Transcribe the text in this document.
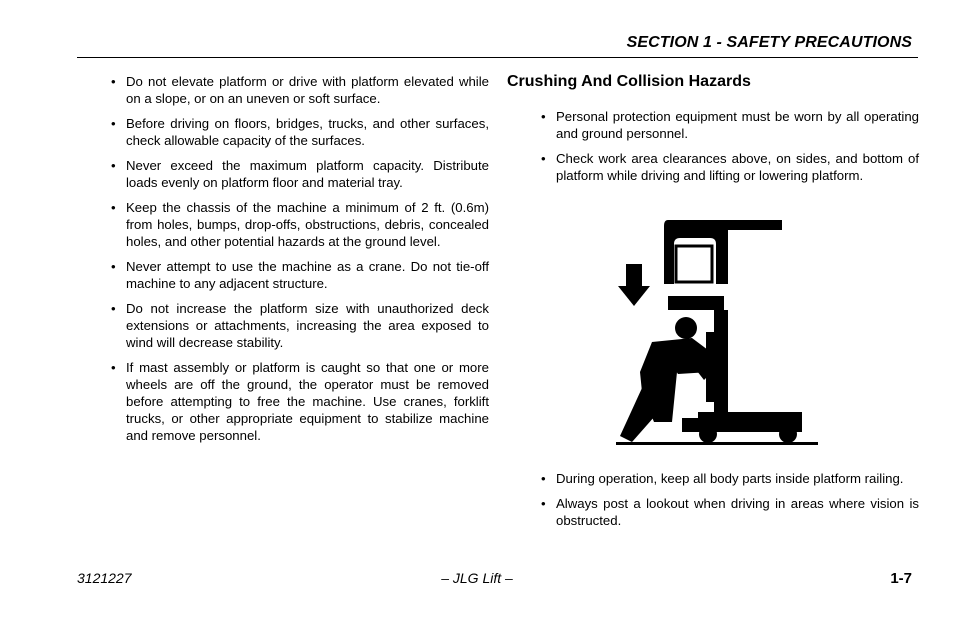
SECTION 1 - SAFETY PRECAUTIONS
• Do not elevate platform or drive with platform elevated while on a slope, or on an uneven or soft surface.
• Before driving on floors, bridges, trucks, and other surfaces, check allowable capacity of the surfaces.
• Never exceed the maximum platform capacity. Distribute loads evenly on platform floor and material tray.
• Keep the chassis of the machine a minimum of 2 ft. (0.6m) from holes, bumps, drop-offs, obstructions, debris, concealed holes, and other potential hazards at the ground level.
• Never attempt to use the machine as a crane. Do not tie-off machine to any adjacent structure.
• Do not increase the platform size with unauthorized deck extensions or attachments, increasing the area exposed to wind will decrease stability.
• If mast assembly or platform is caught so that one or more wheels are off the ground, the operator must be removed before attempting to free the machine. Use cranes, forklift trucks, or other appropriate equipment to stabilize machine and remove personnel.
Crushing And Collision Hazards
• Personal protection equipment must be worn by all operating and ground personnel.
• Check work area clearances above, on sides, and bottom of platform while driving and lifting or lowering platform.
• During operation, keep all body parts inside platform railing.
• Always post a lookout when driving in areas where vision is obstructed.
3121227	– JLG Lift –	1-7
